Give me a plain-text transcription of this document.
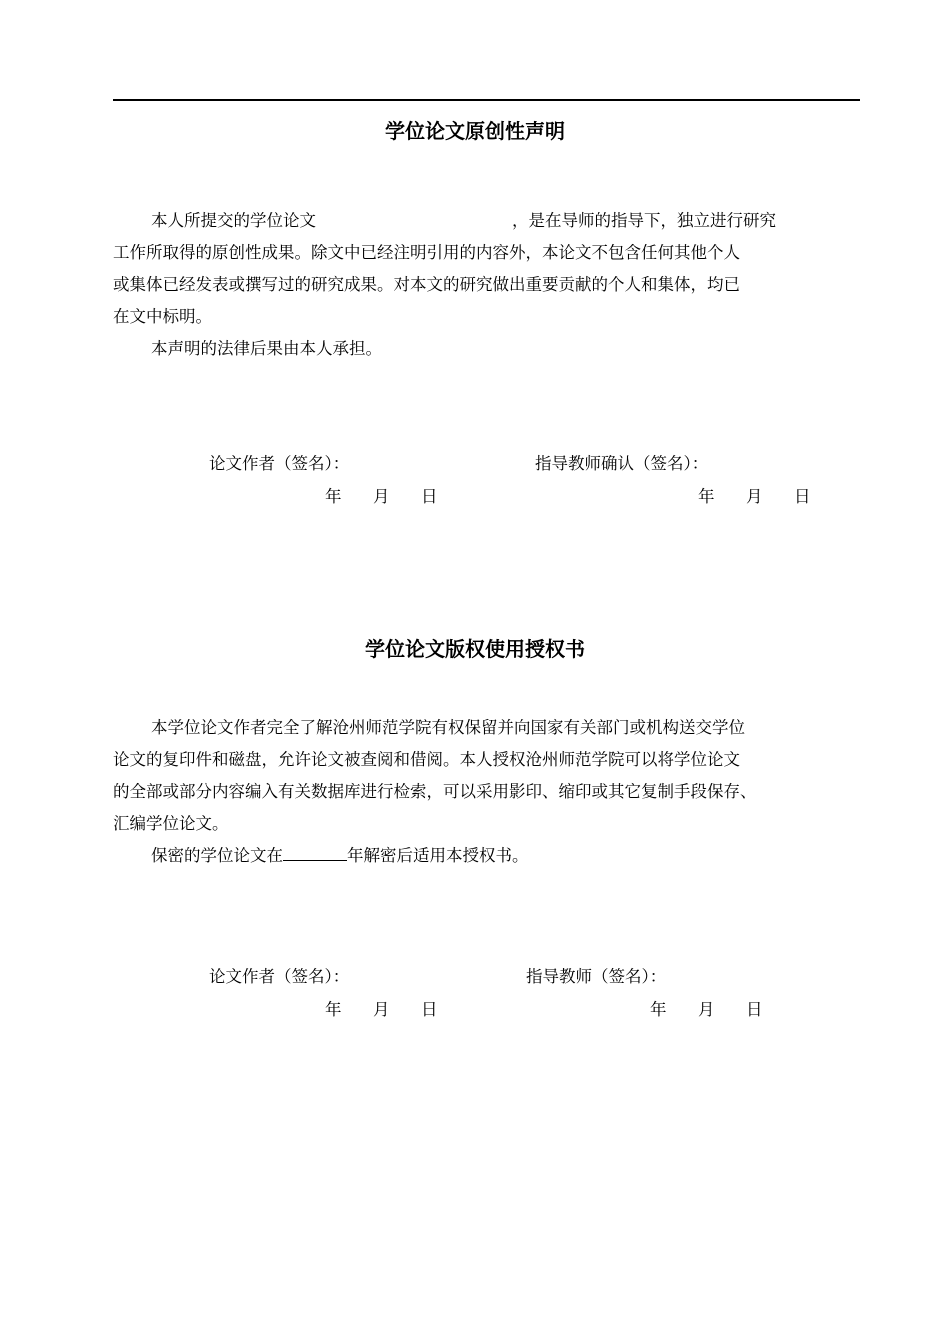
学位论文原创性声明
本人所提交的学位论文	，是在导师的指导下，独立进行研究
工作所取得的原创性成果。除文中已经注明引用的内容外，本论文不包含任何其他个人
或集体已经发表或撰写过的研究成果。对本文的研究做出重要贡献的个人和集体，均已
在文中标明。
本声明的法律后果由本人承担。
论文作者（签名）：	指导教师确认（签名）：
年 月 日	年 月 日
学位论文版权使用授权书
本学位论文作者完全了解沧州师范学院有权保留并向国家有关部门或机构送交学位
论文的复印件和磁盘，允许论文被查阅和借阅。本人授权沧州师范学院可以将学位论文
的全部或部分内容编入有关数据库进行检索，可以采用影印、缩印或其它复制手段保存、
汇编学位论文。
保密的学位论文在	年解密后适用本授权书。
论文作者（签名）：	指导教师（签名）：
年 月 日	年 月 日
